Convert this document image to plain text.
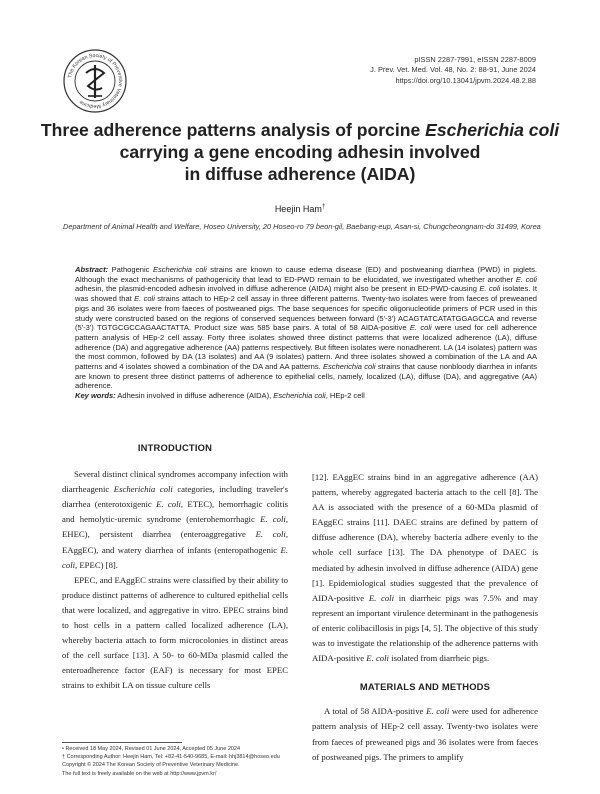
The Korean Society of Preventive Veterinary Medicine
pISSN 2287-7991, eISSN 2287-8009
J. Prev. Vet. Med. Vol. 48, No. 2: 88-91, June 2024
https://doi.org/10.13041/jpvm.2024.48.2.88
Three adherence patterns analysis of porcine Escherichia coli
carrying a gene encoding adhesin involved
in diffuse adherence (AIDA)
Heejin Ham†
Department of Animal Health and Welfare, Hoseo University, 20 Hoseo-ro 79 beon-gil, Baebang-eup, Asan-si, Chungcheongnam-do 31499, Korea
Abstract: Pathogenic Escherichia coli strains are known to cause edema disease (ED) and postweaning diarrhea (PWD) in piglets. Although the exact mechanisms of pathogenicity that lead to ED-PWD remain to be elucidated, we investigated whether another E. coli adhesin, the plasmid-encoded adhesin involved in diffuse adherence (AIDA) might also be present in ED-PWD-causing E. coli isolates. It was showed that E. coli strains attach to HEp-2 cell assay in three different patterns. Twenty-two isolates were from faeces of preweaned pigs and 36 isolates were from faeces of postweaned pigs. The base sequences for specific oligonucleotide primers of PCR used in this study were constructed based on the regions of conserved sequences between forward (5'-3') ACAGTATCATATGGAGCCA and reverse (5'-3') TGTGCGCCAGAACTATTA. Product size was 585 base pairs. A total of 58 AIDA-positive E. coli were used for cell adherence pattern analysis of HEp-2 cell assay. Forty three isolates showed three distinct patterns that were localized adherence (LA), diffuse adherence (DA) and aggregative adherence (AA) patterns respectively. But fifteen isolates were nonadherent. LA (14 isolates) pattern was the most common, followed by DA (13 isolates) and AA (9 isolates) pattern. And three isolates showed a combination of the LA and AA patterns and 4 isolates showed a combination of the DA and AA patterns. Escherichia coli strains that cause nonbloody diarrhea in infants are known to present three distinct patterns of adherence to epithelial cells, namely, localized (LA), diffuse (DA), and aggregative (AA) adherence.
Key words: Adhesin involved in diffuse adherence (AIDA), Escherichia coli, HEp-2 cell
INTRODUCTION

Several distinct clinical syndromes accompany infection with diarrheagenic Escherichia coli categories, including traveler's diarrhea (enterotoxigenic E. coli, ETEC), hemorrhagic colitis and hemolytic-uremic syndrome (enterohemorrhagic E. coli, EHEC), persistent diarrhea (enteroaggregative E. coli, EAggEC), and watery diarrhea of infants (enteropathogenic E. coli, EPEC) [8].

EPEC, and EAggEC strains were classified by their ability to produce distinct patterns of adherence to cultured epithelial cells that were localized, and aggregative in vitro. EPEC strains bind to host cells in a pattern called localized adherence (LA), whereby bacteria attach to form microcolonies in distinct areas of the cell surface [13]. A 50- to 60-MDa plasmid called the enteroadherence factor (EAF) is necessary for most EPEC strains to exhibit LA on tissue culture cells

[12]. EAggEC strains bind in an aggregative adherence (AA) pattern, whereby aggregated bacteria attach to the cell [8]. The AA is associated with the presence of a 60-MDa plasmid of EAggEC strains [11]. DAEC strains are defined by pattern of diffuse adherence (DA), whereby bacteria adhere evenly to the whole cell surface [13]. The DA phenotype of DAEC is mediated by adhesin involved in diffuse adherence (AIDA) gene [1]. Epidemiological studies suggested that the prevalence of AIDA-positive E. coli in diarrheic pigs was 7.5% and may represent an important virulence determinant in the pathogenesis of enteric colibacillosis in pigs [4, 5]. The objective of this study was to investigate the relationship of the adherence patterns with AIDA-positive E. coli isolated from diarrheic pigs.

MATERIALS AND METHODS

A total of 58 AIDA-positive E. coli were used for adherence pattern analysis of HEp-2 cell assay. Twenty-two isolates were from faeces of preweaned pigs and 36 isolates were from faeces of postweaned pigs. The primers to amplify

• Received 18 May 2024, Revised 01 June 2024, Accepted 05 June 2024
† Corresponding Author: Heejin Ham, Tel: +82-41-540-9685, E-mail: hhj3814@hoseo.edu
Copyright © 2024 The Korean Society of Preventive Veterinary Medicine.
The full text is freely available on the web at http://www.jpvm.kr/
